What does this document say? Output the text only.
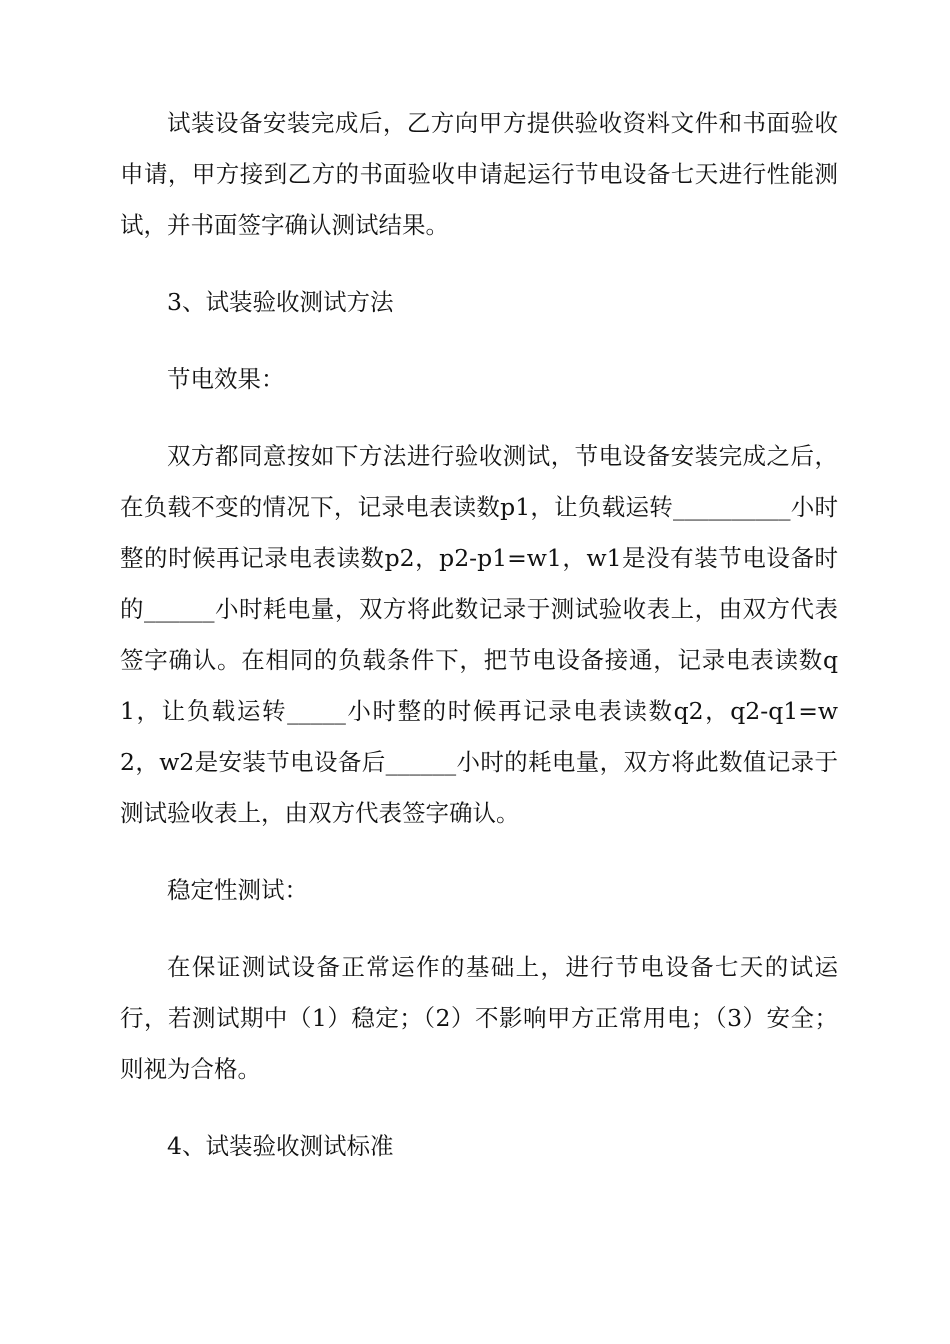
试装设备安装完成后，乙方向甲方提供验收资料文件和书面验收申请，甲方接到乙方的书面验收申请起运行节电设备七天进行性能测试，并书面签字确认测试结果。

3、试装验收测试方法

节电效果：

双方都同意按如下方法进行验收测试，节电设备安装完成之后，在负载不变的情况下，记录电表读数p1，让负载运转__________小时整的时候再记录电表读数p2，p2-p1=w1，w1是没有装节电设备时的______小时耗电量，双方将此数记录于测试验收表上，由双方代表签字确认。在相同的负载条件下，把节电设备接通，记录电表读数q1，让负载运转_____小时整的时候再记录电表读数q2，q2-q1=w2，w2是安装节电设备后______小时的耗电量，双方将此数值记录于测试验收表上，由双方代表签字确认。

稳定性测试：

在保证测试设备正常运作的基础上，进行节电设备七天的试运行，若测试期中（1）稳定；（2）不影响甲方正常用电；（3）安全；则视为合格。

4、试装验收测试标准
